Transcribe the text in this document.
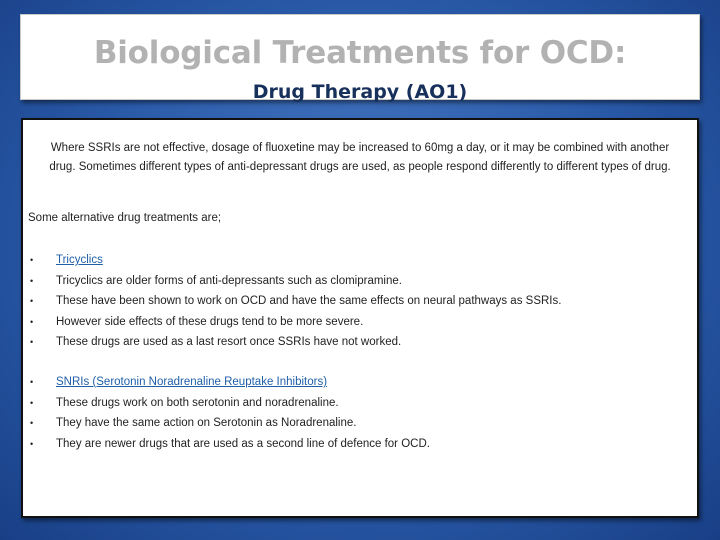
Biological Treatments for OCD:
Drug Therapy (AO1)
Where SSRIs are not effective, dosage of fluoxetine may be increased to 60mg a day, or it may be combined with another drug. Sometimes different types of anti-depressant drugs are used, as people respond differently to different types of drug.
Some alternative drug treatments are;
• Tricyclics
• Tricyclics are older forms of anti-depressants such as clomipramine.
• These have been shown to work on OCD and have the same effects on neural pathways as SSRIs.
• However side effects of these drugs tend to be more severe.
• These drugs are used as a last resort once SSRIs have not worked.
• SNRIs (Serotonin Noradrenaline Reuptake Inhibitors)
• These drugs work on both serotonin and noradrenaline.
• They have the same action on Serotonin as Noradrenaline.
• They are newer drugs that are used as a second line of defence for OCD.
